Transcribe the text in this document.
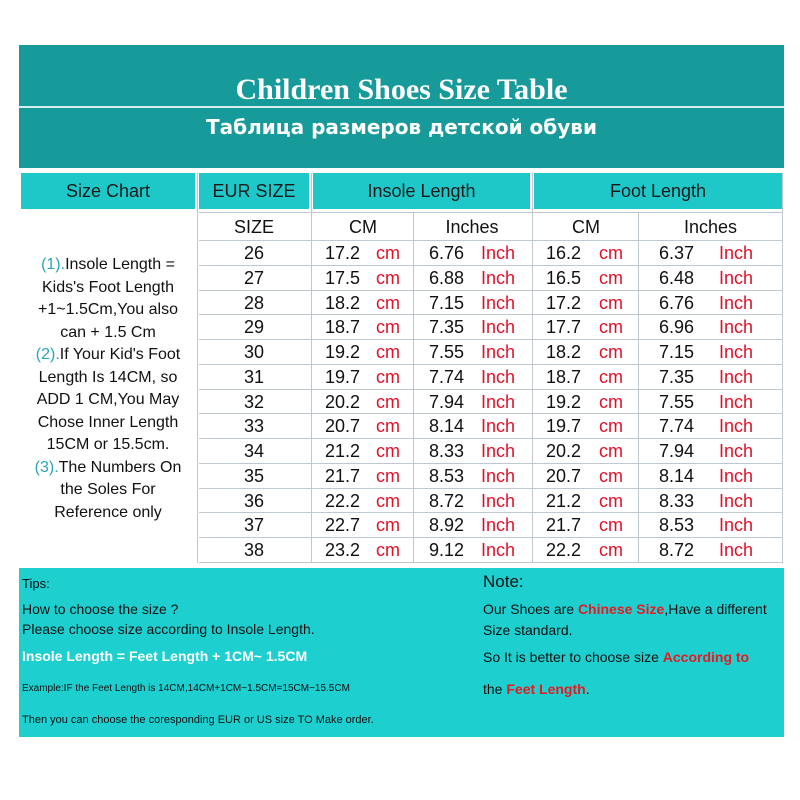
Children Shoes Size Table
Таблица размеров детской обуви
Size Chart	EUR SIZE	Insole Length	Foot Length
(1).Insole Length = Kids's Foot Length +1~1.5Cm,You also can + 1.5 Cm
(2).If Your Kid's Foot Length Is 14CM, so ADD 1 CM,You May Chose Inner Length 15CM or 15.5cm.
(3).The Numbers On the Soles For Reference only
SIZE	CM	Inches	CM	Inches
26	17.2 cm 6.76 Inch 16.2 cm 6.37 Inch
27	17.5 cm 6.88 Inch 16.5 cm 6.48 Inch
28	18.2 cm 7.15 Inch 17.2 cm 6.76 Inch
29	18.7 cm 7.35 Inch 17.7 cm 6.96 Inch
30	19.2 cm 7.55 Inch 18.2 cm 7.15 Inch
31	19.7 cm 7.74 Inch 18.7 cm 7.35 Inch
32	20.2 cm 7.94 Inch 19.2 cm 7.55 Inch
33	20.7 cm 8.14 Inch 19.7 cm 7.74 Inch
34	21.2 cm 8.33 Inch 20.2 cm 7.94 Inch
35	21.7 cm 8.53 Inch 20.7 cm 8.14 Inch
36	22.2 cm 8.72 Inch 21.2 cm 8.33 Inch
37	22.7 cm 8.92 Inch 21.7 cm 8.53 Inch
38	23.2 cm 9.12 Inch 22.2 cm 8.72 Inch
Tips:
How to choose the size ?
Please choose size according to Insole Length.
Insole Length = Feet Length + 1CM~ 1.5CM
Example:IF the Feet Length is 14CM,14CM+1CM~1.5CM=15CM~15.5CM
Then you can choose the coresponding EUR or US size TO Make order.
Note:
Our Shoes are Chinese Size,Have a different
Size standard.
So It is better to choose size According to
the Feet Length.
